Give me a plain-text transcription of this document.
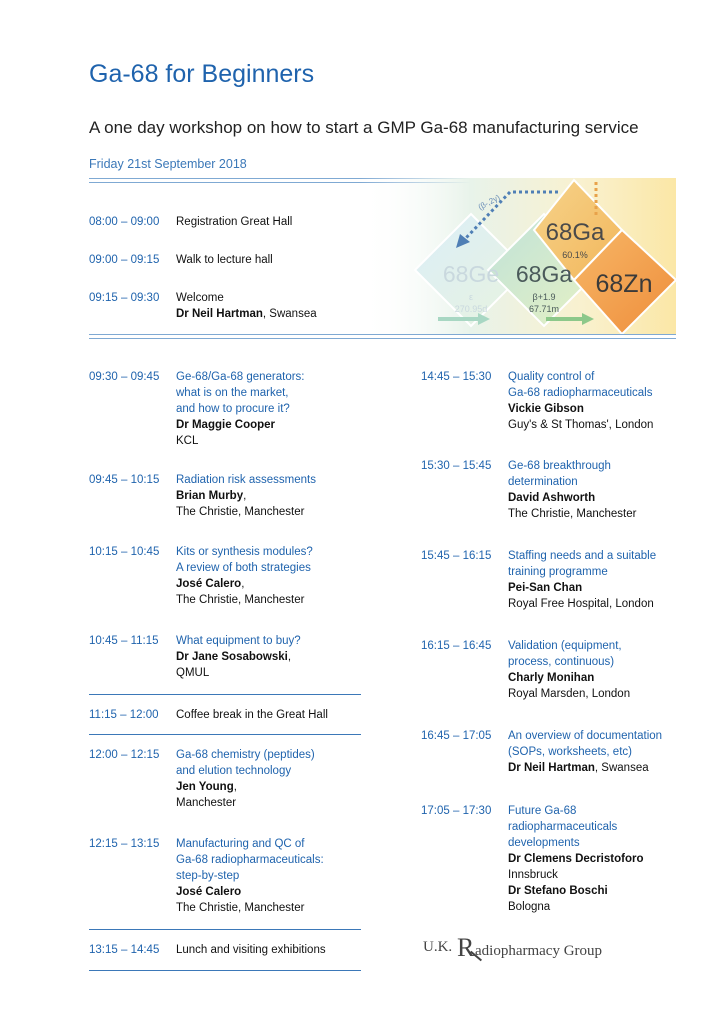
Ga-68 for Beginners

A one day workshop on how to start a GMP Ga-68 manufacturing service

Friday 21st September 2018

68Ge
ε
270.95d
68Ga
β+1.9
67.71m
68Ga
60.1%
68Zn
(β-,2γ)
08:00 – 09:00 Registration Great Hall
09:00 – 09:15 Walk to lecture hall
09:15 – 09:30 Welcome
Dr Neil Hartman, Swansea
09:30 – 09:45 Ge-68/Ga-68 generators:
what is on the market,
and how to procure it?
Dr Maggie Cooper
KCL
09:45 – 10:15 Radiation risk assessments
Brian Murby,
The Christie, Manchester
10:15 – 10:45 Kits or synthesis modules?
A review of both strategies
José Calero,
The Christie, Manchester
10:45 – 11:15 What equipment to buy?
Dr Jane Sosabowski,
QMUL
11:15 – 12:00 Coffee break in the Great Hall
12:00 – 12:15 Ga-68 chemistry (peptides)
and elution technology
Jen Young,
Manchester
12:15 – 13:15 Manufacturing and QC of
Ga-68 radiopharmaceuticals:
step-by-step
José Calero
The Christie, Manchester
13:15 – 14:45 Lunch and visiting exhibitions
14:45 – 15:30 Quality control of
Ga-68 radiopharmaceuticals
Vickie Gibson
Guy's & St Thomas', London
15:30 – 15:45 Ge-68 breakthrough
determination
David Ashworth
The Christie, Manchester
15:45 – 16:15 Staffing needs and a suitable
training programme
Pei-San Chan
Royal Free Hospital, London
16:15 – 16:45 Validation (equipment,
process, continuous)
Charly Monihan
Royal Marsden, London
16:45 – 17:05 An overview of documentation
(SOPs, worksheets, etc)
Dr Neil Hartman, Swansea
17:05 – 17:30 Future Ga-68
radiopharmaceuticals
developments
Dr Clemens Decristoforo
Innsbruck
Dr Stefano Boschi
Bologna
U.K. R adiopharmacy Group
